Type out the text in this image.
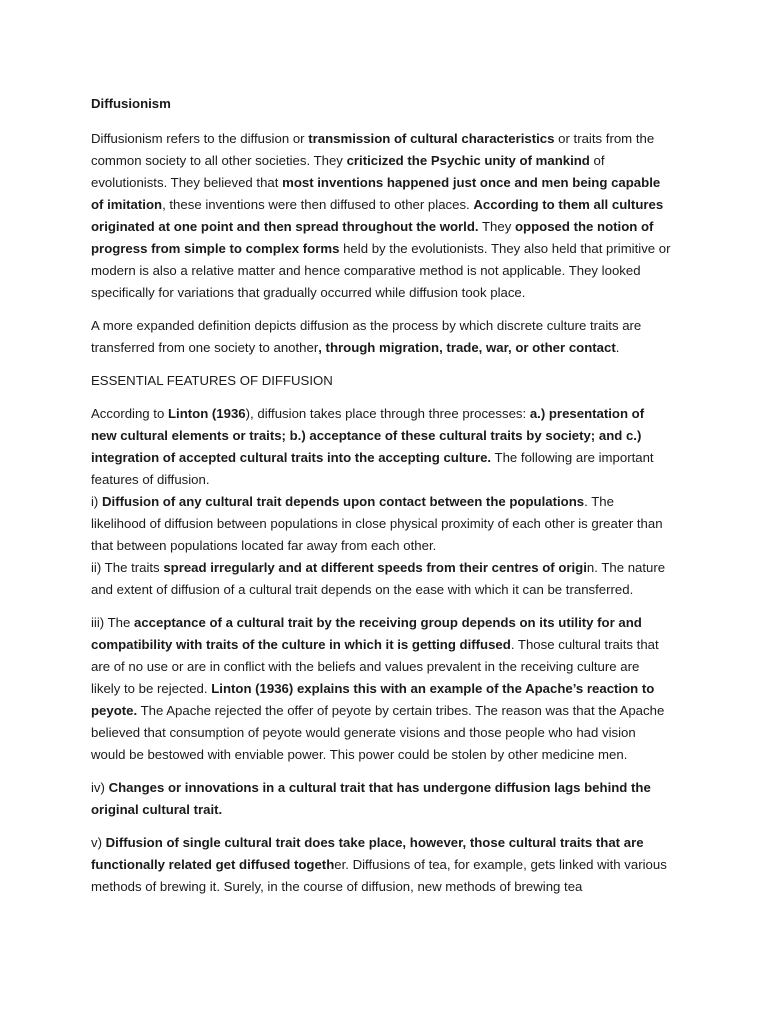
Diffusionism

Diffusionism refers to the diffusion or transmission of cultural characteristics or traits from the common society to all other societies. They criticized the Psychic unity of mankind of evolutionists. They believed that most inventions happened just once and men being capable of imitation, these inventions were then diffused to other places. According to them all cultures originated at one point and then spread throughout the world. They opposed the notion of progress from simple to complex forms held by the evolutionists. They also held that primitive or modern is also a relative matter and hence comparative method is not applicable. They looked specifically for variations that gradually occurred while diffusion took place.

A more expanded definition depicts diffusion as the process by which discrete culture traits are transferred from one society to another, through migration, trade, war, or other contact.

ESSENTIAL FEATURES OF DIFFUSION

According to Linton (1936), diffusion takes place through three processes: a.) presentation of new cultural elements or traits; b.) acceptance of these cultural traits by society; and c.) integration of accepted cultural traits into the accepting culture. The following are important features of diffusion.

i) Diffusion of any cultural trait depends upon contact between the populations. The likelihood of diffusion between populations in close physical proximity of each other is greater than that between populations located far away from each other.

ii) The traits spread irregularly and at different speeds from their centres of origin. The nature and extent of diffusion of a cultural trait depends on the ease with which it can be transferred.

iii) The acceptance of a cultural trait by the receiving group depends on its utility for and compatibility with traits of the culture in which it is getting diffused. Those cultural traits that are of no use or are in conflict with the beliefs and values prevalent in the receiving culture are likely to be rejected. Linton (1936) explains this with an example of the Apache’s reaction to peyote. The Apache rejected the offer of peyote by certain tribes. The reason was that the Apache believed that consumption of peyote would generate visions and those people who had vision would be bestowed with enviable power. This power could be stolen by other medicine men.

iv) Changes or innovations in a cultural trait that has undergone diffusion lags behind the original cultural trait.

v) Diffusion of single cultural trait does take place, however, those cultural traits that are functionally related get diffused together. Diffusions of tea, for example, gets linked with various methods of brewing it. Surely, in the course of diffusion, new methods of brewing tea
